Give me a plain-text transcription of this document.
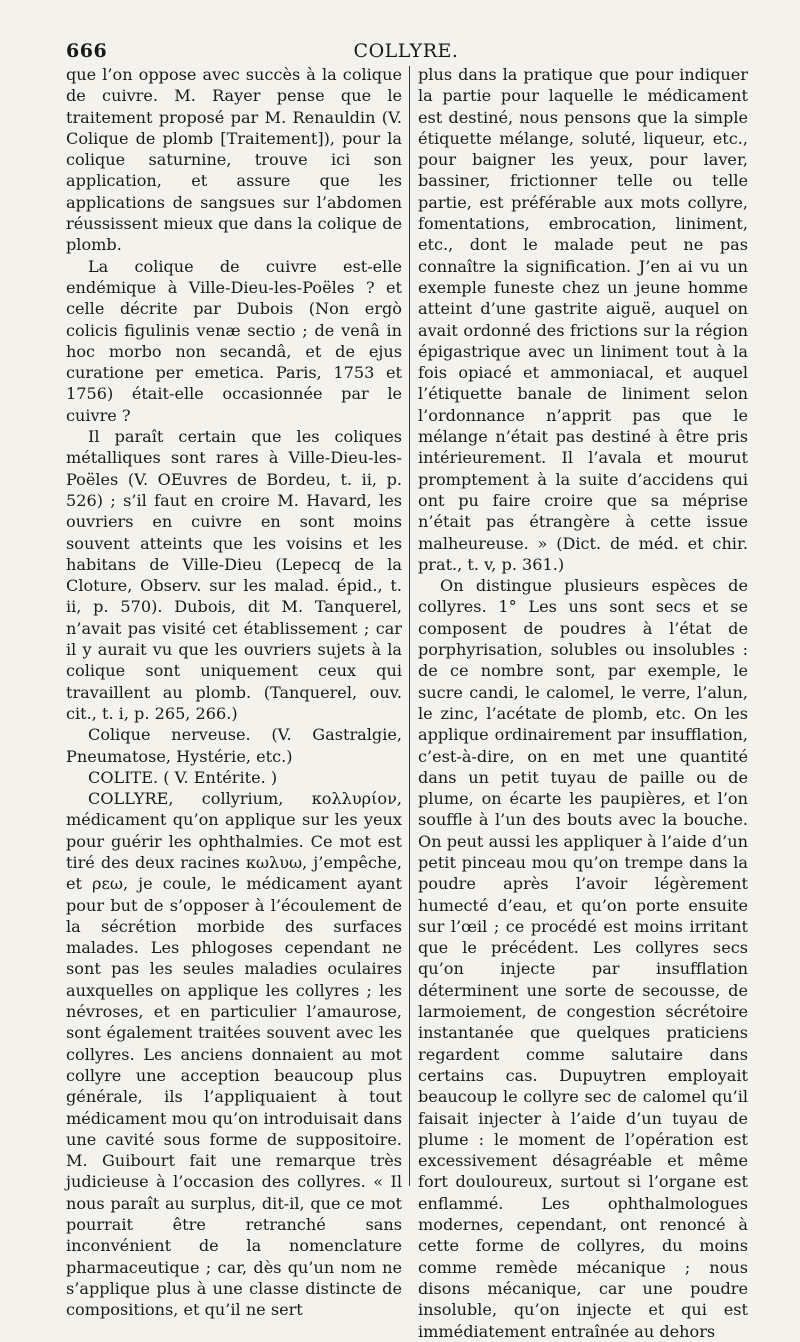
666	COLLYRE.

que l’on oppose avec succès à la colique de cuivre. M. Rayer pense que le traitement proposé par M. Renauldin (V. Colique de plomb [Traitement]), pour la colique saturnine, trouve ici son application, et assure que les applications de sangsues sur l’abdomen réussissent mieux que dans la colique de plomb.

La colique de cuivre est-elle endémique à Ville-Dieu-les-Poëles ? et celle décrite par Dubois (Non ergò colicis figulinis venæ sectio ; de venâ in hoc morbo non secandâ, et de ejus curatione per emetica. Paris, 1753 et 1756) était-elle occasionnée par le cuivre ?

Il paraît certain que les coliques métalliques sont rares à Ville-Dieu-les-Poëles (V. OEuvres de Bordeu, t. ii, p. 526) ; s’il faut en croire M. Havard, les ouvriers en cuivre en sont moins souvent atteints que les voisins et les habitans de Ville-Dieu (Lepecq de la Cloture, Observ. sur les malad. épid., t. ii, p. 570). Dubois, dit M. Tanquerel, n’avait pas visité cet établissement ; car il y aurait vu que les ouvriers sujets à la colique sont uniquement ceux qui travaillent au plomb. (Tanquerel, ouv. cit., t. i, p. 265, 266.)

Colique nerveuse. (V. Gastralgie, Pneumatose, Hystérie, etc.)

COLITE. ( V. Entérite. )

COLLYRE, collyrium, κολλυρίον, médicament qu’on applique sur les yeux pour guérir les ophthalmies. Ce mot est tiré des deux racines κωλυω, j’empêche, et ρεω, je coule, le médicament ayant pour but de s’opposer à l’écoulement de la sécrétion morbide des surfaces malades. Les phlogoses cependant ne sont pas les seules maladies oculaires auxquelles on applique les collyres ; les névroses, et en particulier l’amaurose, sont également traitées souvent avec les collyres. Les anciens donnaient au mot collyre une acception beaucoup plus générale, ils l’appliquaient à tout médicament mou qu’on introduisait dans une cavité sous forme de suppositoire. M. Guibourt fait une remarque très judicieuse à l’occasion des collyres. « Il nous paraît au surplus, dit-il, que ce mot pourrait être retranché sans inconvénient de la nomenclature pharmaceutique ; car, dès qu’un nom ne s’applique plus à une classe distincte de compositions, et qu’il ne sert

plus dans la pratique que pour indiquer la partie pour laquelle le médicament est destiné, nous pensons que la simple étiquette mélange, soluté, liqueur, etc., pour baigner les yeux, pour laver, bassiner, frictionner telle ou telle partie, est préférable aux mots collyre, fomentations, embrocation, liniment, etc., dont le malade peut ne pas connaître la signification. J’en ai vu un exemple funeste chez un jeune homme atteint d’une gastrite aiguë, auquel on avait ordonné des frictions sur la région épigastrique avec un liniment tout à la fois opiacé et ammoniacal, et auquel l’étiquette banale de liniment selon l’ordonnance n’apprit pas que le mélange n’était pas destiné à être pris intérieurement. Il l’avala et mourut promptement à la suite d’accidens qui ont pu faire croire que sa méprise n’était pas étrangère à cette issue malheureuse. » (Dict. de méd. et chir. prat., t. v, p. 361.)

On distingue plusieurs espèces de collyres. 1° Les uns sont secs et se composent de poudres à l’état de porphyrisation, solubles ou insolubles : de ce nombre sont, par exemple, le sucre candi, le calomel, le verre, l’alun, le zinc, l’acétate de plomb, etc. On les applique ordinairement par insufflation, c’est-à-dire, on en met une quantité dans un petit tuyau de paille ou de plume, on écarte les paupières, et l’on souffle à l’un des bouts avec la bouche. On peut aussi les appliquer à l’aide d’un petit pinceau mou qu’on trempe dans la poudre après l’avoir légèrement humecté d’eau, et qu’on porte ensuite sur l’œil ; ce procédé est moins irritant que le précédent. Les collyres secs qu’on injecte par insufflation déterminent une sorte de secousse, de larmoiement, de congestion sécrétoire instantanée que quelques praticiens regardent comme salutaire dans certains cas. Dupuytren employait beaucoup le collyre sec de calomel qu’il faisait injecter à l’aide d’un tuyau de plume : le moment de l’opération est excessivement désagréable et même fort douloureux, surtout si l’organe est enflammé. Les ophthalmologues modernes, cependant, ont renoncé à cette forme de collyres, du moins comme remède mécanique ; nous disons mécanique, car une poudre insoluble, qu’on injecte et qui est immédiatement entraînée au dehors
